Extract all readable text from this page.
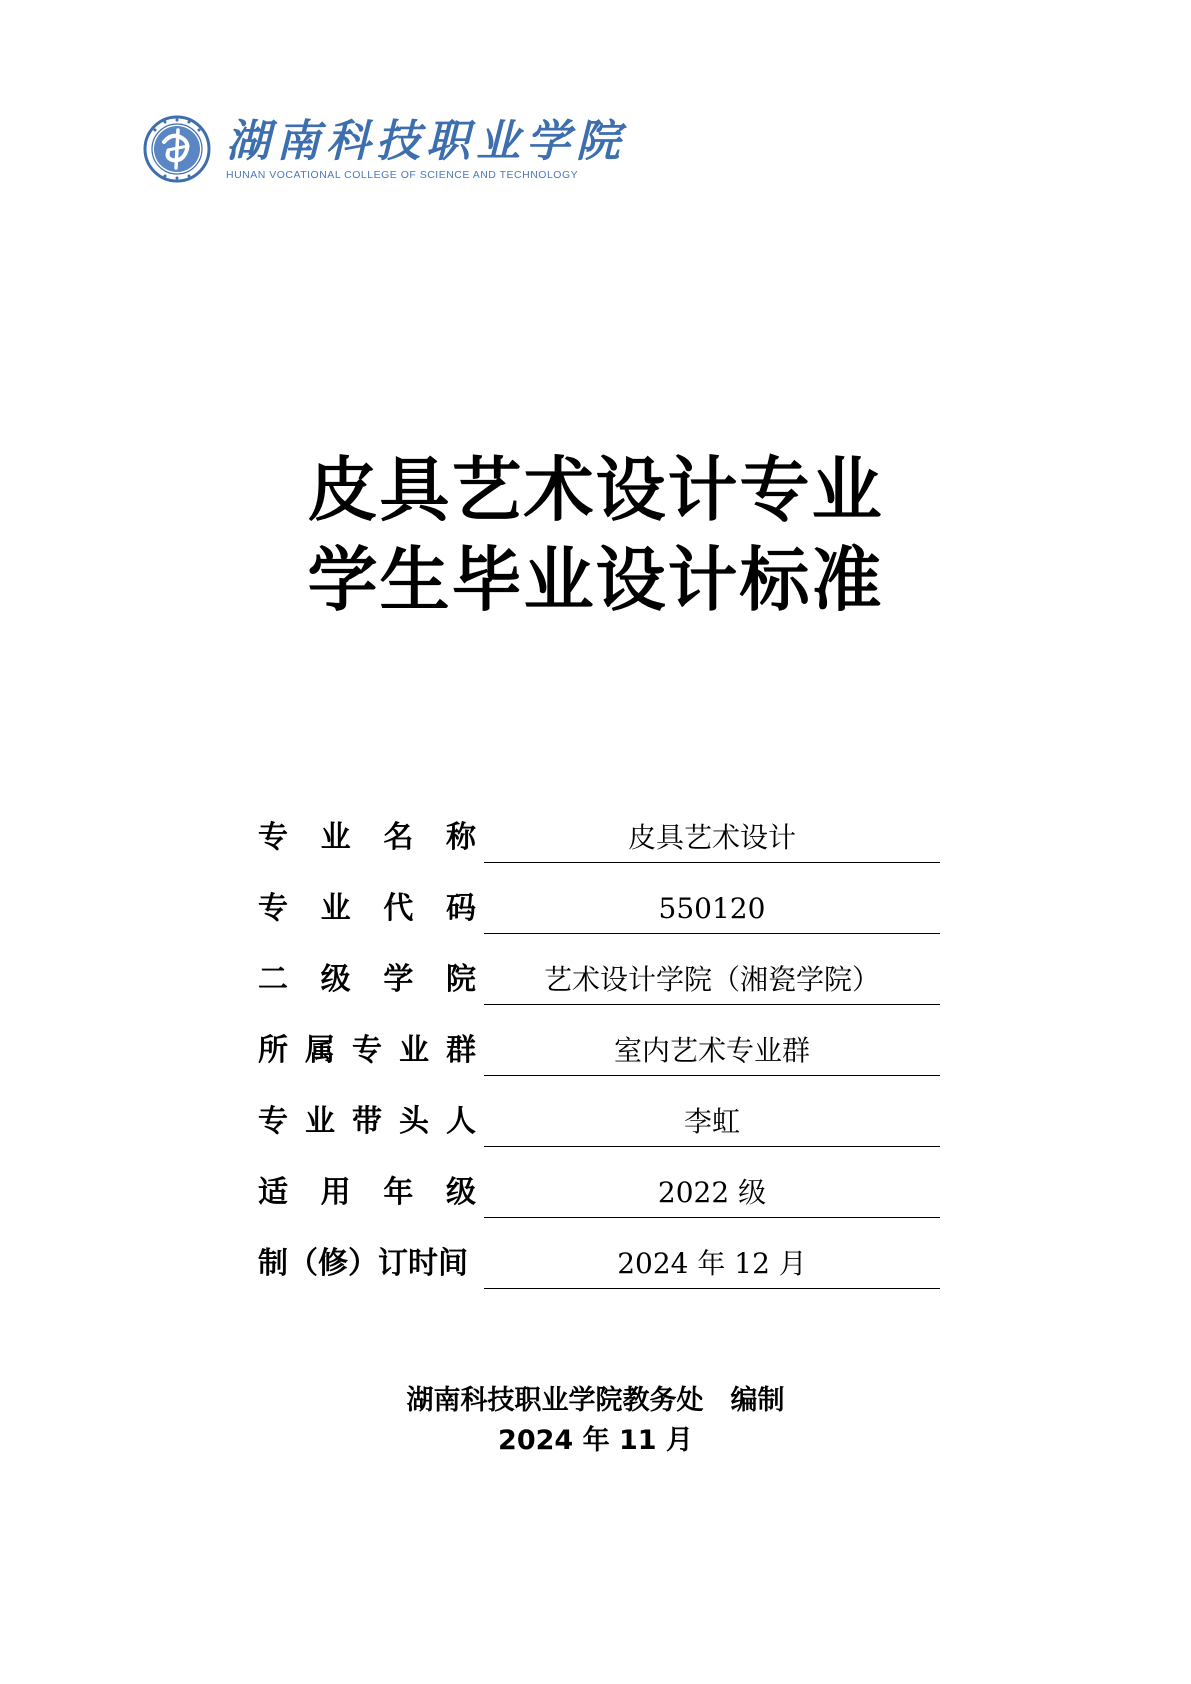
湖南科技职业学院
HUNAN VOCATIONAL COLLEGE OF SCIENCE AND TECHNOLOGY
皮具艺术设计专业
学生毕业设计标准
专 业 名 称	皮具艺术设计
专 业 代 码	550120
二 级 学 院	艺术设计学院（湘瓷学院）
所 属 专 业 群	室内艺术专业群
专 业 带 头 人	李虹
适 用 年 级	2022 级
制（修）订时间	2024 年 12 月
湖南科技职业学院教务处　编制
2024 年 11 月
